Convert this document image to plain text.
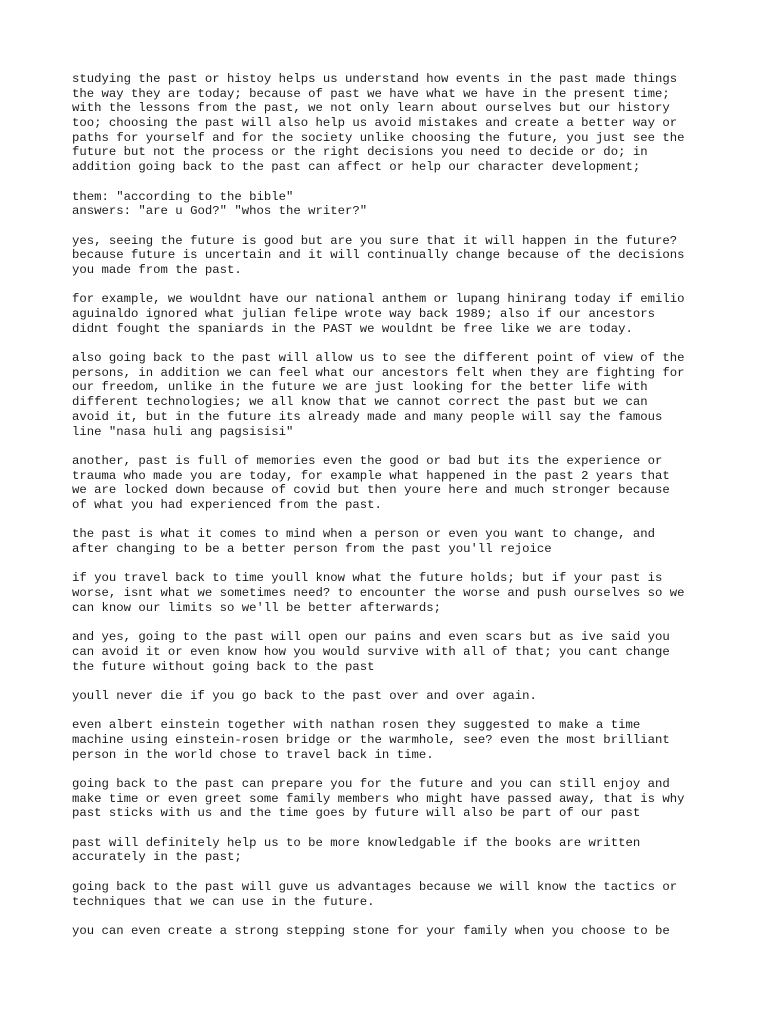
studying the past or histoy helps us understand how events in the past made things
the way they are today; because of past we have what we have in the present time;
with the lessons from the past, we not only learn about ourselves but our history
too; choosing the past will also help us avoid mistakes and create a better way or
paths for yourself and for the society unlike choosing the future, you just see the
future but not the process or the right decisions you need to decide or do; in
addition going back to the past can affect or help our character development;
them: "according to the bible"
answers: "are u God?" "whos the writer?"
yes, seeing the future is good but are you sure that it will happen in the future?
because future is uncertain and it will continually change because of the decisions
you made from the past.
for example, we wouldnt have our national anthem or lupang hinirang today if emilio
aguinaldo ignored what julian felipe wrote way back 1989; also if our ancestors
didnt fought the spaniards in the PAST we wouldnt be free like we are today.
also going back to the past will allow us to see the different point of view of the
persons, in addition we can feel what our ancestors felt when they are fighting for
our freedom, unlike in the future we are just looking for the better life with
different technologies; we all know that we cannot correct the past but we can
avoid it, but in the future its already made and many people will say the famous
line "nasa huli ang pagsisisi"
another, past is full of memories even the good or bad but its the experience or
trauma who made you are today, for example what happened in the past 2 years that
we are locked down because of covid but then youre here and much stronger because
of what you had experienced from the past.
the past is what it comes to mind when a person or even you want to change, and
after changing to be a better person from the past you'll rejoice
if you travel back to time youll know what the future holds; but if your past is
worse, isnt what we sometimes need? to encounter the worse and push ourselves so we
can know our limits so we'll be better afterwards;
and yes, going to the past will open our pains and even scars but as ive said you
can avoid it or even know how you would survive with all of that; you cant change
the future without going back to the past
youll never die if you go back to the past over and over again.
even albert einstein together with nathan rosen they suggested to make a time
machine using einstein-rosen bridge or the warmhole, see? even the most brilliant
person in the world chose to travel back in time.
going back to the past can prepare you for the future and you can still enjoy and
make time or even greet some family members who might have passed away, that is why
past sticks with us and the time goes by future will also be part of our past
past will definitely help us to be more knowledgable if the books are written
accurately in the past;
going back to the past will guve us advantages because we will know the tactics or
techniques that we can use in the future.
you can even create a strong stepping stone for your family when you choose to be
